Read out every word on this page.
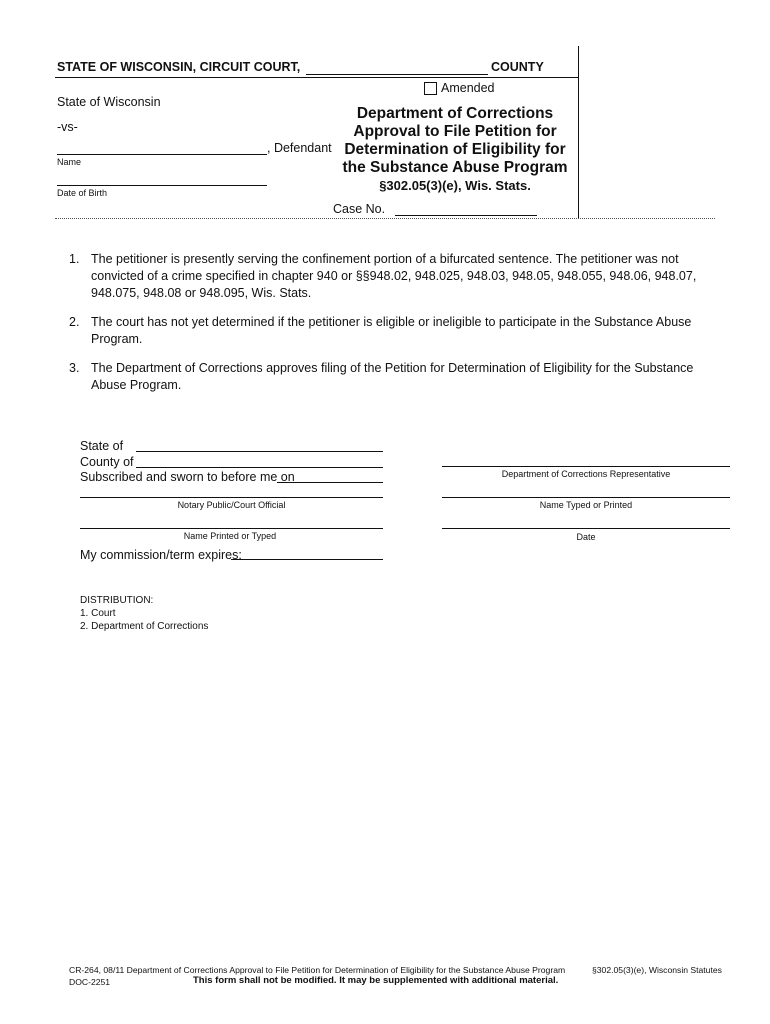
STATE OF WISCONSIN, CIRCUIT COURT,	COUNTY
Amended
State of Wisconsin
-vs-
, Defendant
Name
Date of Birth
Department of Corrections
Approval to File Petition for
Determination of Eligibility for
the Substance Abuse Program
§302.05(3)(e), Wis. Stats.
Case No.
1. The petitioner is presently serving the confinement portion of a bifurcated sentence. The petitioner was not
convicted of a crime specified in chapter 940 or §§948.02, 948.025, 948.03, 948.05, 948.055, 948.06, 948.07,
948.075, 948.08 or 948.095, Wis. Stats.
2. The court has not yet determined if the petitioner is eligible or ineligible to participate in the Substance Abuse
Program.
3. The Department of Corrections approves filing of the Petition for Determination of Eligibility for the Substance
Abuse Program.
State of
County of
Subscribed and sworn to before me on
Notary Public/Court Official
Name Printed or Typed
My commission/term expires:
Department of Corrections Representative
Name Typed or Printed
Date
DISTRIBUTION:
1. Court
2. Department of Corrections
CR-264, 08/11 Department of Corrections Approval to File Petition for Determination of Eligibility for the Substance Abuse Program	§302.05(3)(e), Wisconsin Statutes
DOC-2251	This form shall not be modified. It may be supplemented with additional material.
